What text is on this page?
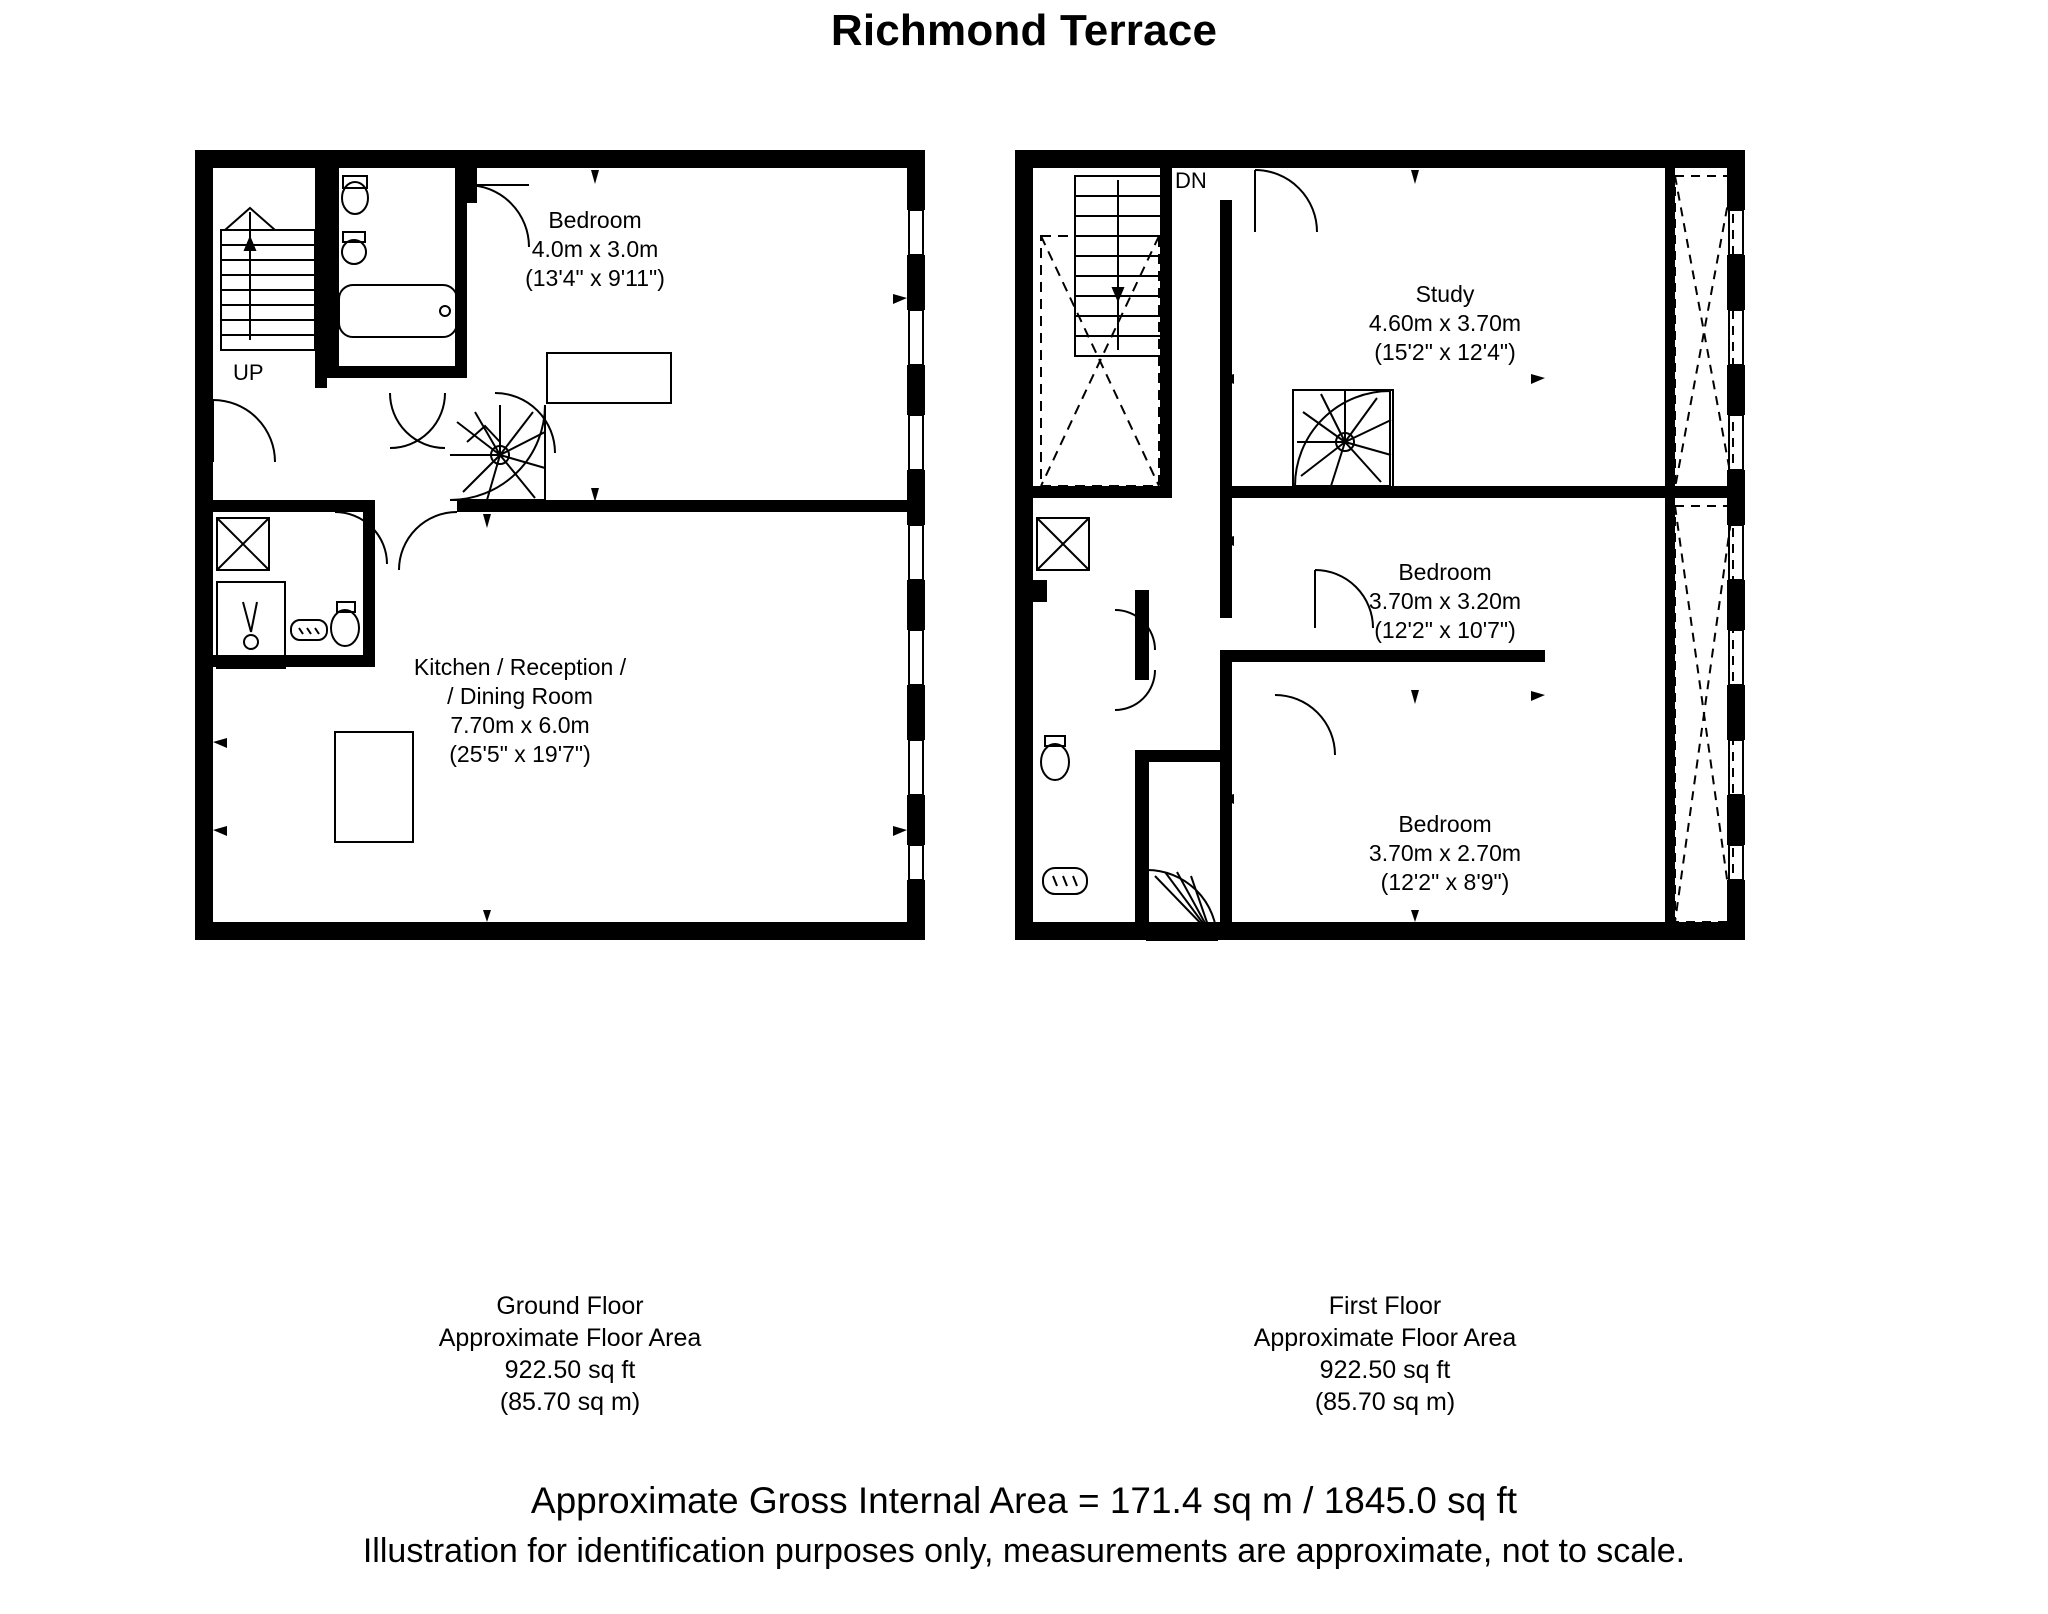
Richmond Terrace
UP
Bedroom
4.0m x 3.0m
(13'4" x 9'11")
Kitchen / Reception /
/ Dining Room
7.70m x 6.0m
(25'5" x 19'7")
DN
Study
4.60m x 3.70m
(15'2" x 12'4")
Bedroom
3.70m x 3.20m
(12'2" x 10'7")
Bedroom
3.70m x 2.70m
(12'2" x 8'9")
Ground Floor
Approximate Floor Area
922.50 sq ft
(85.70 sq m)
First Floor
Approximate Floor Area
922.50 sq ft
(85.70 sq m)
Approximate Gross Internal Area = 171.4 sq m / 1845.0 sq ft
Illustration for identification purposes only, measurements are approximate, not to scale.
